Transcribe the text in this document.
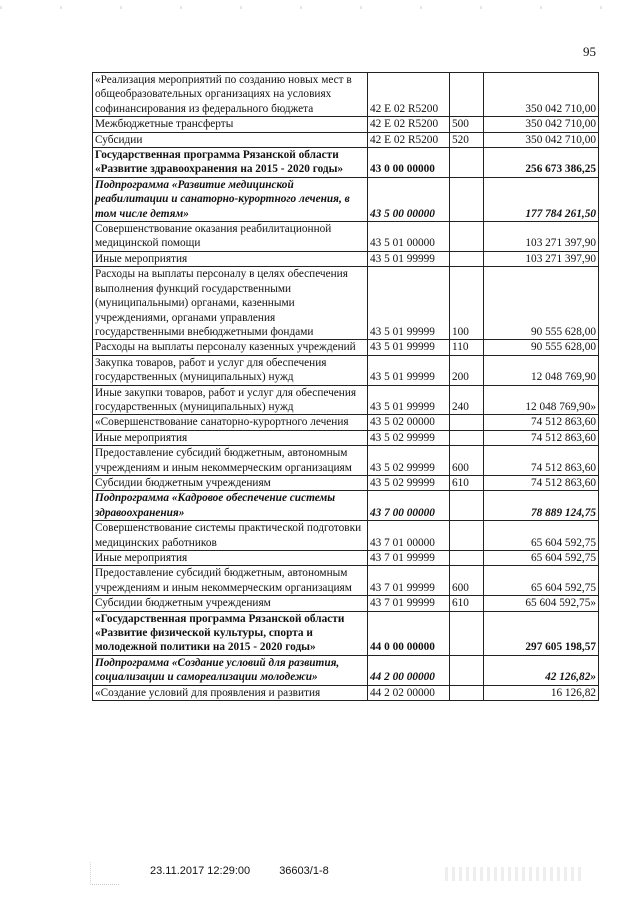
95
«Реализация мероприятий по созданию новых мест в общеобразовательных организациях на условиях софинансирования из федерального бюджета	42 Е 02 R5200		350 042 710,00
Межбюджетные трансферты	42 Е 02 R5200	500	350 042 710,00
Субсидии	42 Е 02 R5200	520	350 042 710,00
Государственная программа Рязанской области «Развитие здравоохранения на 2015 - 2020 годы»	43 0 00 00000		256 673 386,25
Подпрограмма «Развитие медицинской реабилитации и санаторно-курортного лечения, в том числе детям»	43 5 00 00000		177 784 261,50
Совершенствование оказания реабилитационной медицинской помощи	43 5 01 00000		103 271 397,90
Иные мероприятия	43 5 01 99999		103 271 397,90
Расходы на выплаты персоналу в целях обеспечения выполнения функций государственными (муниципальными) органами, казенными учреждениями, органами управления государственными внебюджетными фондами	43 5 01 99999	100	90 555 628,00
Расходы на выплаты персоналу казенных учреждений	43 5 01 99999	110	90 555 628,00
Закупка товаров, работ и услуг для обеспечения государственных (муниципальных) нужд	43 5 01 99999	200	12 048 769,90
Иные закупки товаров, работ и услуг для обеспечения государственных (муниципальных) нужд	43 5 01 99999	240	12 048 769,90»
«Совершенствование санаторно-курортного лечения	43 5 02 00000		74 512 863,60
Иные мероприятия	43 5 02 99999		74 512 863,60
Предоставление субсидий бюджетным, автономным учреждениям и иным некоммерческим организациям	43 5 02 99999	600	74 512 863,60
Субсидии бюджетным учреждениям	43 5 02 99999	610	74 512 863,60
Подпрограмма «Кадровое обеспечение системы здравоохранения»	43 7 00 00000		78 889 124,75
Совершенствование системы практической подготовки медицинских работников	43 7 01 00000		65 604 592,75
Иные мероприятия	43 7 01 99999		65 604 592,75
Предоставление субсидий бюджетным, автономным учреждениям и иным некоммерческим организациям	43 7 01 99999	600	65 604 592,75
Субсидии бюджетным учреждениям	43 7 01 99999	610	65 604 592,75»
«Государственная программа Рязанской области «Развитие физической культуры, спорта и молодежной политики на 2015 - 2020 годы»	44 0 00 00000		297 605 198,57
Подпрограмма «Создание условий для развития, социализации и самореализации молодежи»	44 2 00 00000		42 126,82»
«Создание условий для проявления и развития	44 2 02 00000		16 126,82
23.11.2017 12:29:00	36603/1-8
